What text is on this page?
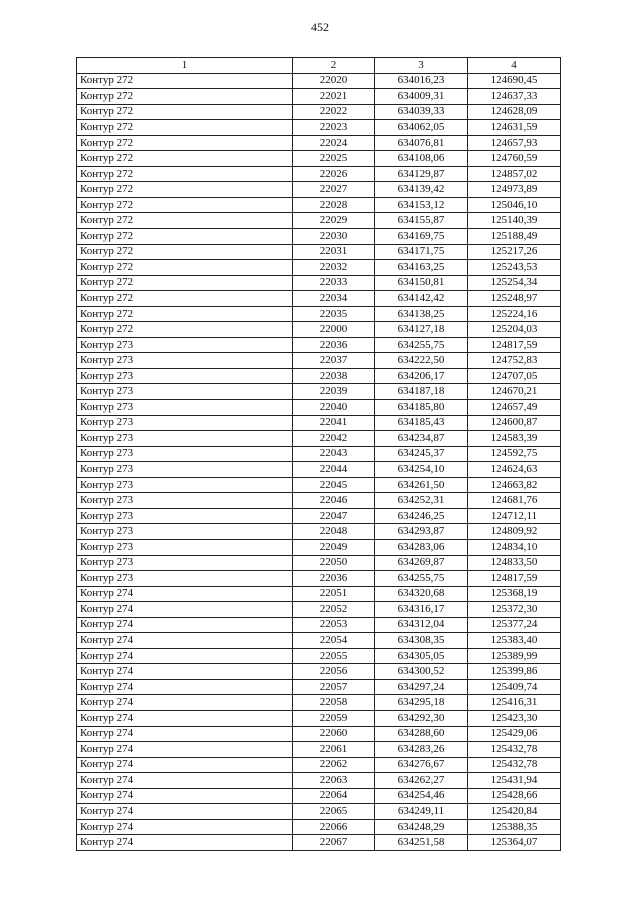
452
1	2	3	4
Контур 272	22020	634016,23	124690,45
Контур 272	22021	634009,31	124637,33
Контур 272	22022	634039,33	124628,09
Контур 272	22023	634062,05	124631,59
Контур 272	22024	634076,81	124657,93
Контур 272	22025	634108,06	124760,59
Контур 272	22026	634129,87	124857,02
Контур 272	22027	634139,42	124973,89
Контур 272	22028	634153,12	125046,10
Контур 272	22029	634155,87	125140,39
Контур 272	22030	634169,75	125188,49
Контур 272	22031	634171,75	125217,26
Контур 272	22032	634163,25	125243,53
Контур 272	22033	634150,81	125254,34
Контур 272	22034	634142,42	125248,97
Контур 272	22035	634138,25	125224,16
Контур 272	22000	634127,18	125204,03
Контур 273	22036	634255,75	124817,59
Контур 273	22037	634222,50	124752,83
Контур 273	22038	634206,17	124707,05
Контур 273	22039	634187,18	124670,21
Контур 273	22040	634185,80	124657,49
Контур 273	22041	634185,43	124600,87
Контур 273	22042	634234,87	124583,39
Контур 273	22043	634245,37	124592,75
Контур 273	22044	634254,10	124624,63
Контур 273	22045	634261,50	124663,82
Контур 273	22046	634252,31	124681,76
Контур 273	22047	634246,25	124712,11
Контур 273	22048	634293,87	124809,92
Контур 273	22049	634283,06	124834,10
Контур 273	22050	634269,87	124833,50
Контур 273	22036	634255,75	124817,59
Контур 274	22051	634320,68	125368,19
Контур 274	22052	634316,17	125372,30
Контур 274	22053	634312,04	125377,24
Контур 274	22054	634308,35	125383,40
Контур 274	22055	634305,05	125389,99
Контур 274	22056	634300,52	125399,86
Контур 274	22057	634297,24	125409,74
Контур 274	22058	634295,18	125416,31
Контур 274	22059	634292,30	125423,30
Контур 274	22060	634288,60	125429,06
Контур 274	22061	634283,26	125432,78
Контур 274	22062	634276,67	125432,78
Контур 274	22063	634262,27	125431,94
Контур 274	22064	634254,46	125428,66
Контур 274	22065	634249,11	125420,84
Контур 274	22066	634248,29	125388,35
Контур 274	22067	634251,58	125364,07
